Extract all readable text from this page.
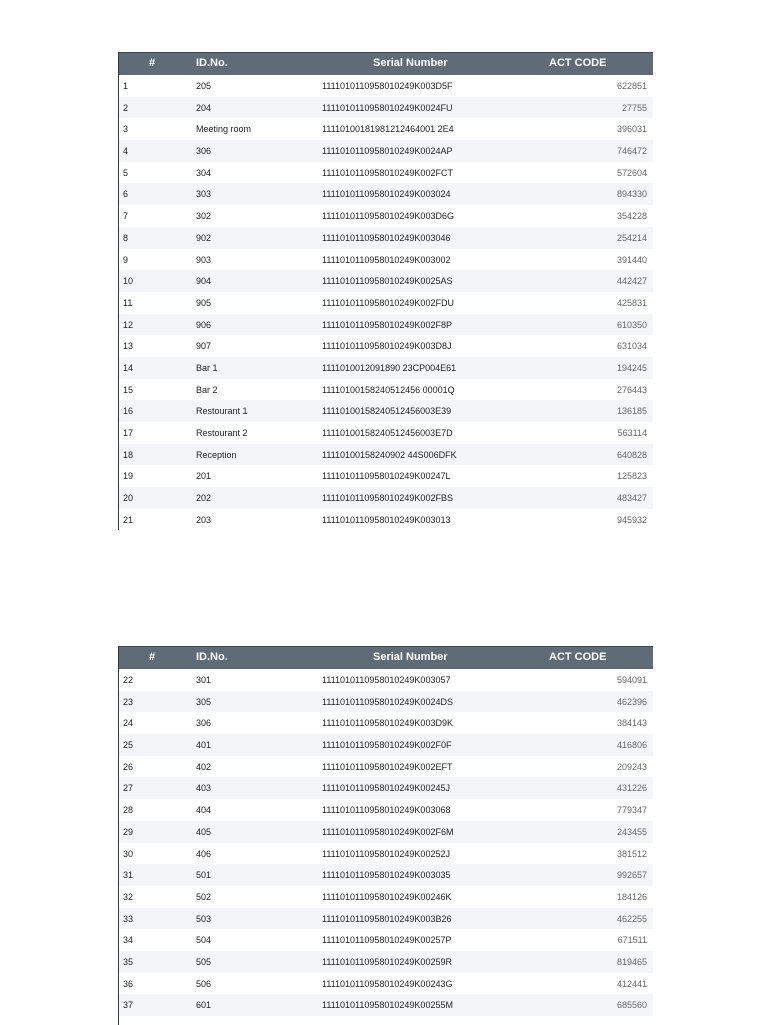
#	ID.No.	Serial Number	ACT CODE
1	205	1111010110958010249K003D5F	622851
2	204	1111010110958010249K0024FU	27755
3	Meeting room	11110100181981212464001 2E4	396031
4	306	1111010110958010249K0024AP	746472
5	304	1111010110958010249K002FCT	572604
6	303	1111010110958010249K003024	894330
7	302	1111010110958010249K003D6G	354228
8	902	1111010110958010249K003046	254214
9	903	1111010110958010249K003002	391440
10	904	1111010110958010249K0025AS	442427
11	905	1111010110958010249K002FDU	425831
12	906	1111010110958010249K002F8P	610350
13	907	1111010110958010249K003D8J	631034
14	Bar 1	1111010012091890 23CP004E61	194245
15	Bar 2	11110100158240512456 00001Q	276443
16	Restourant 1	11110100158240512456003E39	136185
17	Restourant 2	11110100158240512456003E7D	563114
18	Reception	11110100158240902 44S006DFK	640828
19	201	1111010110958010249K00247L	125823
20	202	1111010110958010249K002FBS	483427
21	203	1111010110958010249K003013	945932
#	ID.No.	Serial Number	ACT CODE
22	301	1111010110958010249K003057	594091
23	305	1111010110958010249K0024DS	462396
24	306	1111010110958010249K003D9K	384143
25	401	1111010110958010249K002F0F	416806
26	402	1111010110958010249K002EFT	209243
27	403	1111010110958010249K00245J	431226
28	404	1111010110958010249K003068	779347
29	405	1111010110958010249K002F6M	243455
30	406	1111010110958010249K00252J	381512
31	501	1111010110958010249K003035	992657
32	502	1111010110958010249K00246K	184126
33	503	1111010110958010249K003B26	462255
34	504	1111010110958010249K00257P	671511
35	505	1111010110958010249K00259R	819465
36	506	1111010110958010249K00243G	412441
37	601	1111010110958010249K00255M	685560
